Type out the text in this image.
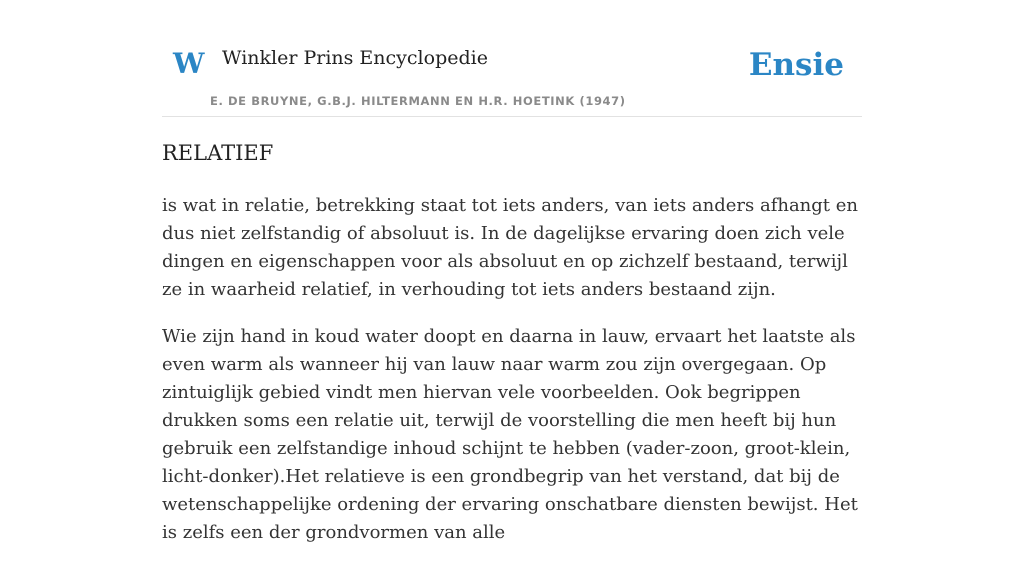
W Winkler Prins Encyclopedie
E. DE BRUYNE, G.B.J. HILTERMANN EN H.R. HOETINK (1947)
Ensie
RELATIEF

is wat in relatie, betrekking staat tot iets anders, van iets anders afhangt en dus niet zelfstandig of absoluut is. In de dagelijkse ervaring doen zich vele dingen en eigenschappen voor als absoluut en op zichzelf bestaand, terwijl ze in waarheid relatief, in verhouding tot iets anders bestaand zijn.

Wie zijn hand in koud water doopt en daarna in lauw, ervaart het laatste als even warm als wanneer hij van lauw naar warm zou zijn overgegaan. Op zintuiglijk gebied vindt men hiervan vele voorbeelden. Ook begrippen drukken soms een relatie uit, terwijl de voorstelling die men heeft bij hun gebruik een zelfstandige inhoud schijnt te hebben (vader-zoon, groot-klein, licht-donker).Het relatieve is een grondbegrip van het verstand, dat bij de wetenschappelijke ordening der ervaring onschatbare diensten bewijst. Het is zelfs een der grondvormen van alle
